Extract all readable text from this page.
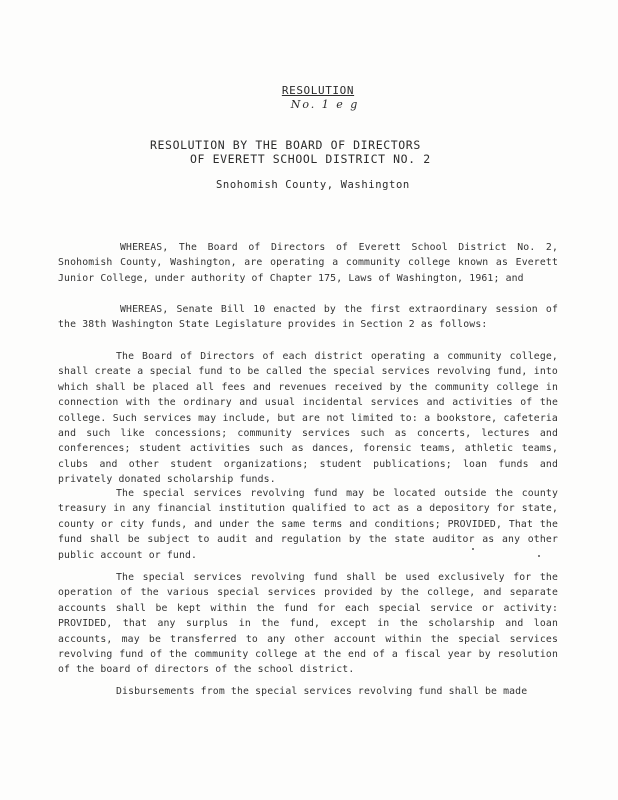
RESOLUTION
No. 1 e g
RESOLUTION BY THE BOARD OF DIRECTORS
OF EVERETT SCHOOL DISTRICT NO. 2
Snohomish County, Washington

WHEREAS, The Board of Directors of Everett School District No. 2, Snohomish County, Washington, are operating a community college known as Everett Junior College, under authority of Chapter 175, Laws of Washington, 1961; and

WHEREAS, Senate Bill 10 enacted by the first extraordinary session of the 38th Washington State Legislature provides in Section 2 as follows:

The Board of Directors of each district operating a community college, shall create a special fund to be called the special services revolving fund, into which shall be placed all fees and revenues received by the community college in connection with the ordinary and usual incidental services and activities of the college. Such services may include, but are not limited to: a bookstore, cafeteria and such like concessions; community services such as concerts, lectures and conferences; student activities such as dances, forensic teams, athletic teams, clubs and other student organizations; student publications; loan funds and privately donated scholarship funds.

The special services revolving fund may be located outside the county treasury in any financial institution qualified to act as a depository for state, county or city funds, and under the same terms and conditions; PROVIDED, That the fund shall be subject to audit and regulation by the state auditor as any other public account or fund.

The special services revolving fund shall be used exclusively for the operation of the various special services provided by the college, and separate accounts shall be kept within the fund for each special service or activity: PROVIDED, that any surplus in the fund, except in the scholarship and loan accounts, may be transferred to any other account within the special services revolving fund of the community college at the end of a fiscal year by resolution of the board of directors of the school district.

Disbursements from the special services revolving fund shall be made
